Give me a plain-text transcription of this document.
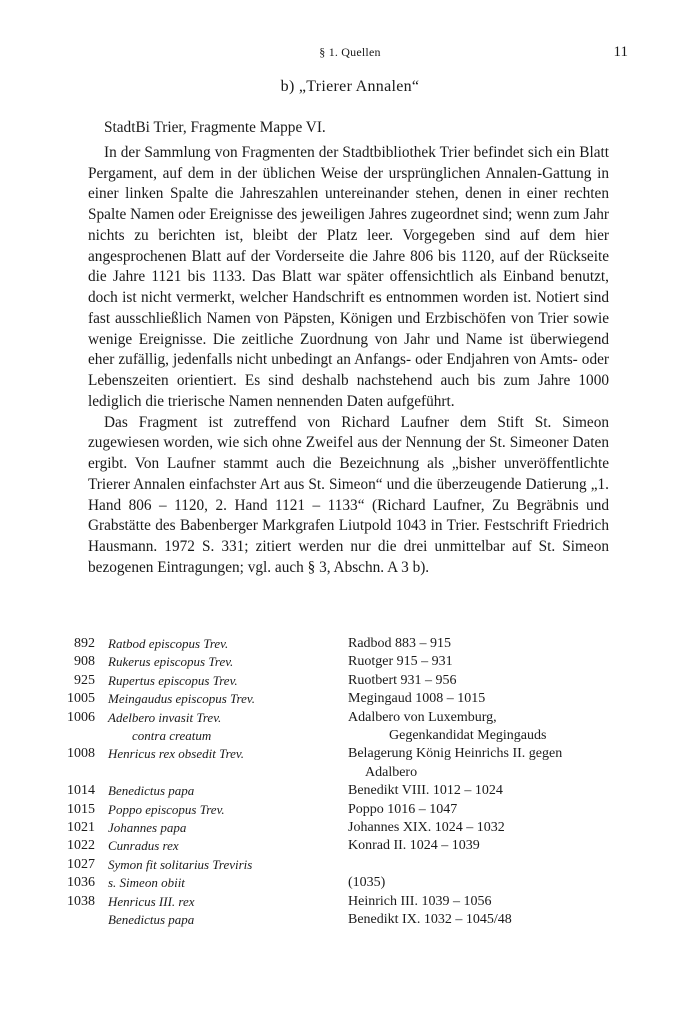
§ 1. Quellen	11
b) „Trierer Annalen“

StadtBi Trier, Fragmente Mappe VI.

In der Sammlung von Fragmenten der Stadtbibliothek Trier befindet sich ein Blatt Pergament, auf dem in der üblichen Weise der ursprünglichen Annalen-Gattung in einer linken Spalte die Jahreszahlen untereinander stehen, denen in einer rechten Spalte Namen oder Ereignisse des jeweiligen Jahres zugeordnet sind; wenn zum Jahr nichts zu berichten ist, bleibt der Platz leer. Vorgegeben sind auf dem hier angesprochenen Blatt auf der Vorderseite die Jahre 806 bis 1120, auf der Rückseite die Jahre 1121 bis 1133. Das Blatt war später offensichtlich als Einband benutzt, doch ist nicht vermerkt, welcher Handschrift es entnommen worden ist. Notiert sind fast ausschließlich Namen von Päpsten, Königen und Erzbischöfen von Trier sowie wenige Ereignisse. Die zeitliche Zuordnung von Jahr und Name ist überwiegend eher zufällig, jedenfalls nicht unbedingt an Anfangs- oder Endjahren von Amts- oder Lebenszeiten orientiert. Es sind deshalb nachstehend auch bis zum Jahre 1000 lediglich die trierische Namen nennenden Daten aufgeführt.

Das Fragment ist zutreffend von Richard Laufner dem Stift St. Simeon zugewiesen worden, wie sich ohne Zweifel aus der Nennung der St. Simeoner Daten ergibt. Von Laufner stammt auch die Bezeichnung als „bisher unveröffentlichte Trierer Annalen einfachster Art aus St. Simeon“ und die überzeugende Datierung „1. Hand 806 – 1120, 2. Hand 1121 – 1133“ (Richard Laufner, Zu Begräbnis und Grabstätte des Babenberger Markgrafen Liutpold 1043 in Trier. Festschrift Friedrich Hausmann. 1972 S. 331; zitiert werden nur die drei unmittelbar auf St. Simeon bezogenen Eintragungen; vgl. auch § 3, Abschn. A 3 b).

892	Ratbod episcopus Trev.	Radbod 883 – 915
908	Rukerus episcopus Trev.	Ruotger 915 – 931
925	Rupertus episcopus Trev.	Ruotbert 931 – 956
1005	Meingaudus episcopus Trev.	Megingaud 1008 – 1015
1006	Adelbero invasit Trev.	Adalbero von Luxemburg,
contra creatum	Gegenkandidat Megingauds
1008	Henricus rex obsedit Trev.	Belagerung König Heinrichs II. gegen
Adalbero
1014	Benedictus papa	Benedikt VIII. 1012 – 1024
1015	Poppo episcopus Trev.	Poppo 1016 – 1047
1021	Johannes papa	Johannes XIX. 1024 – 1032
1022	Cunradus rex	Konrad II. 1024 – 1039
1027	Symon fit solitarius Treviris
1036	s. Simeon obiit	(1035)
1038	Henricus III. rex	Heinrich III. 1039 – 1056
Benedictus papa	Benedikt IX. 1032 – 1045/48
